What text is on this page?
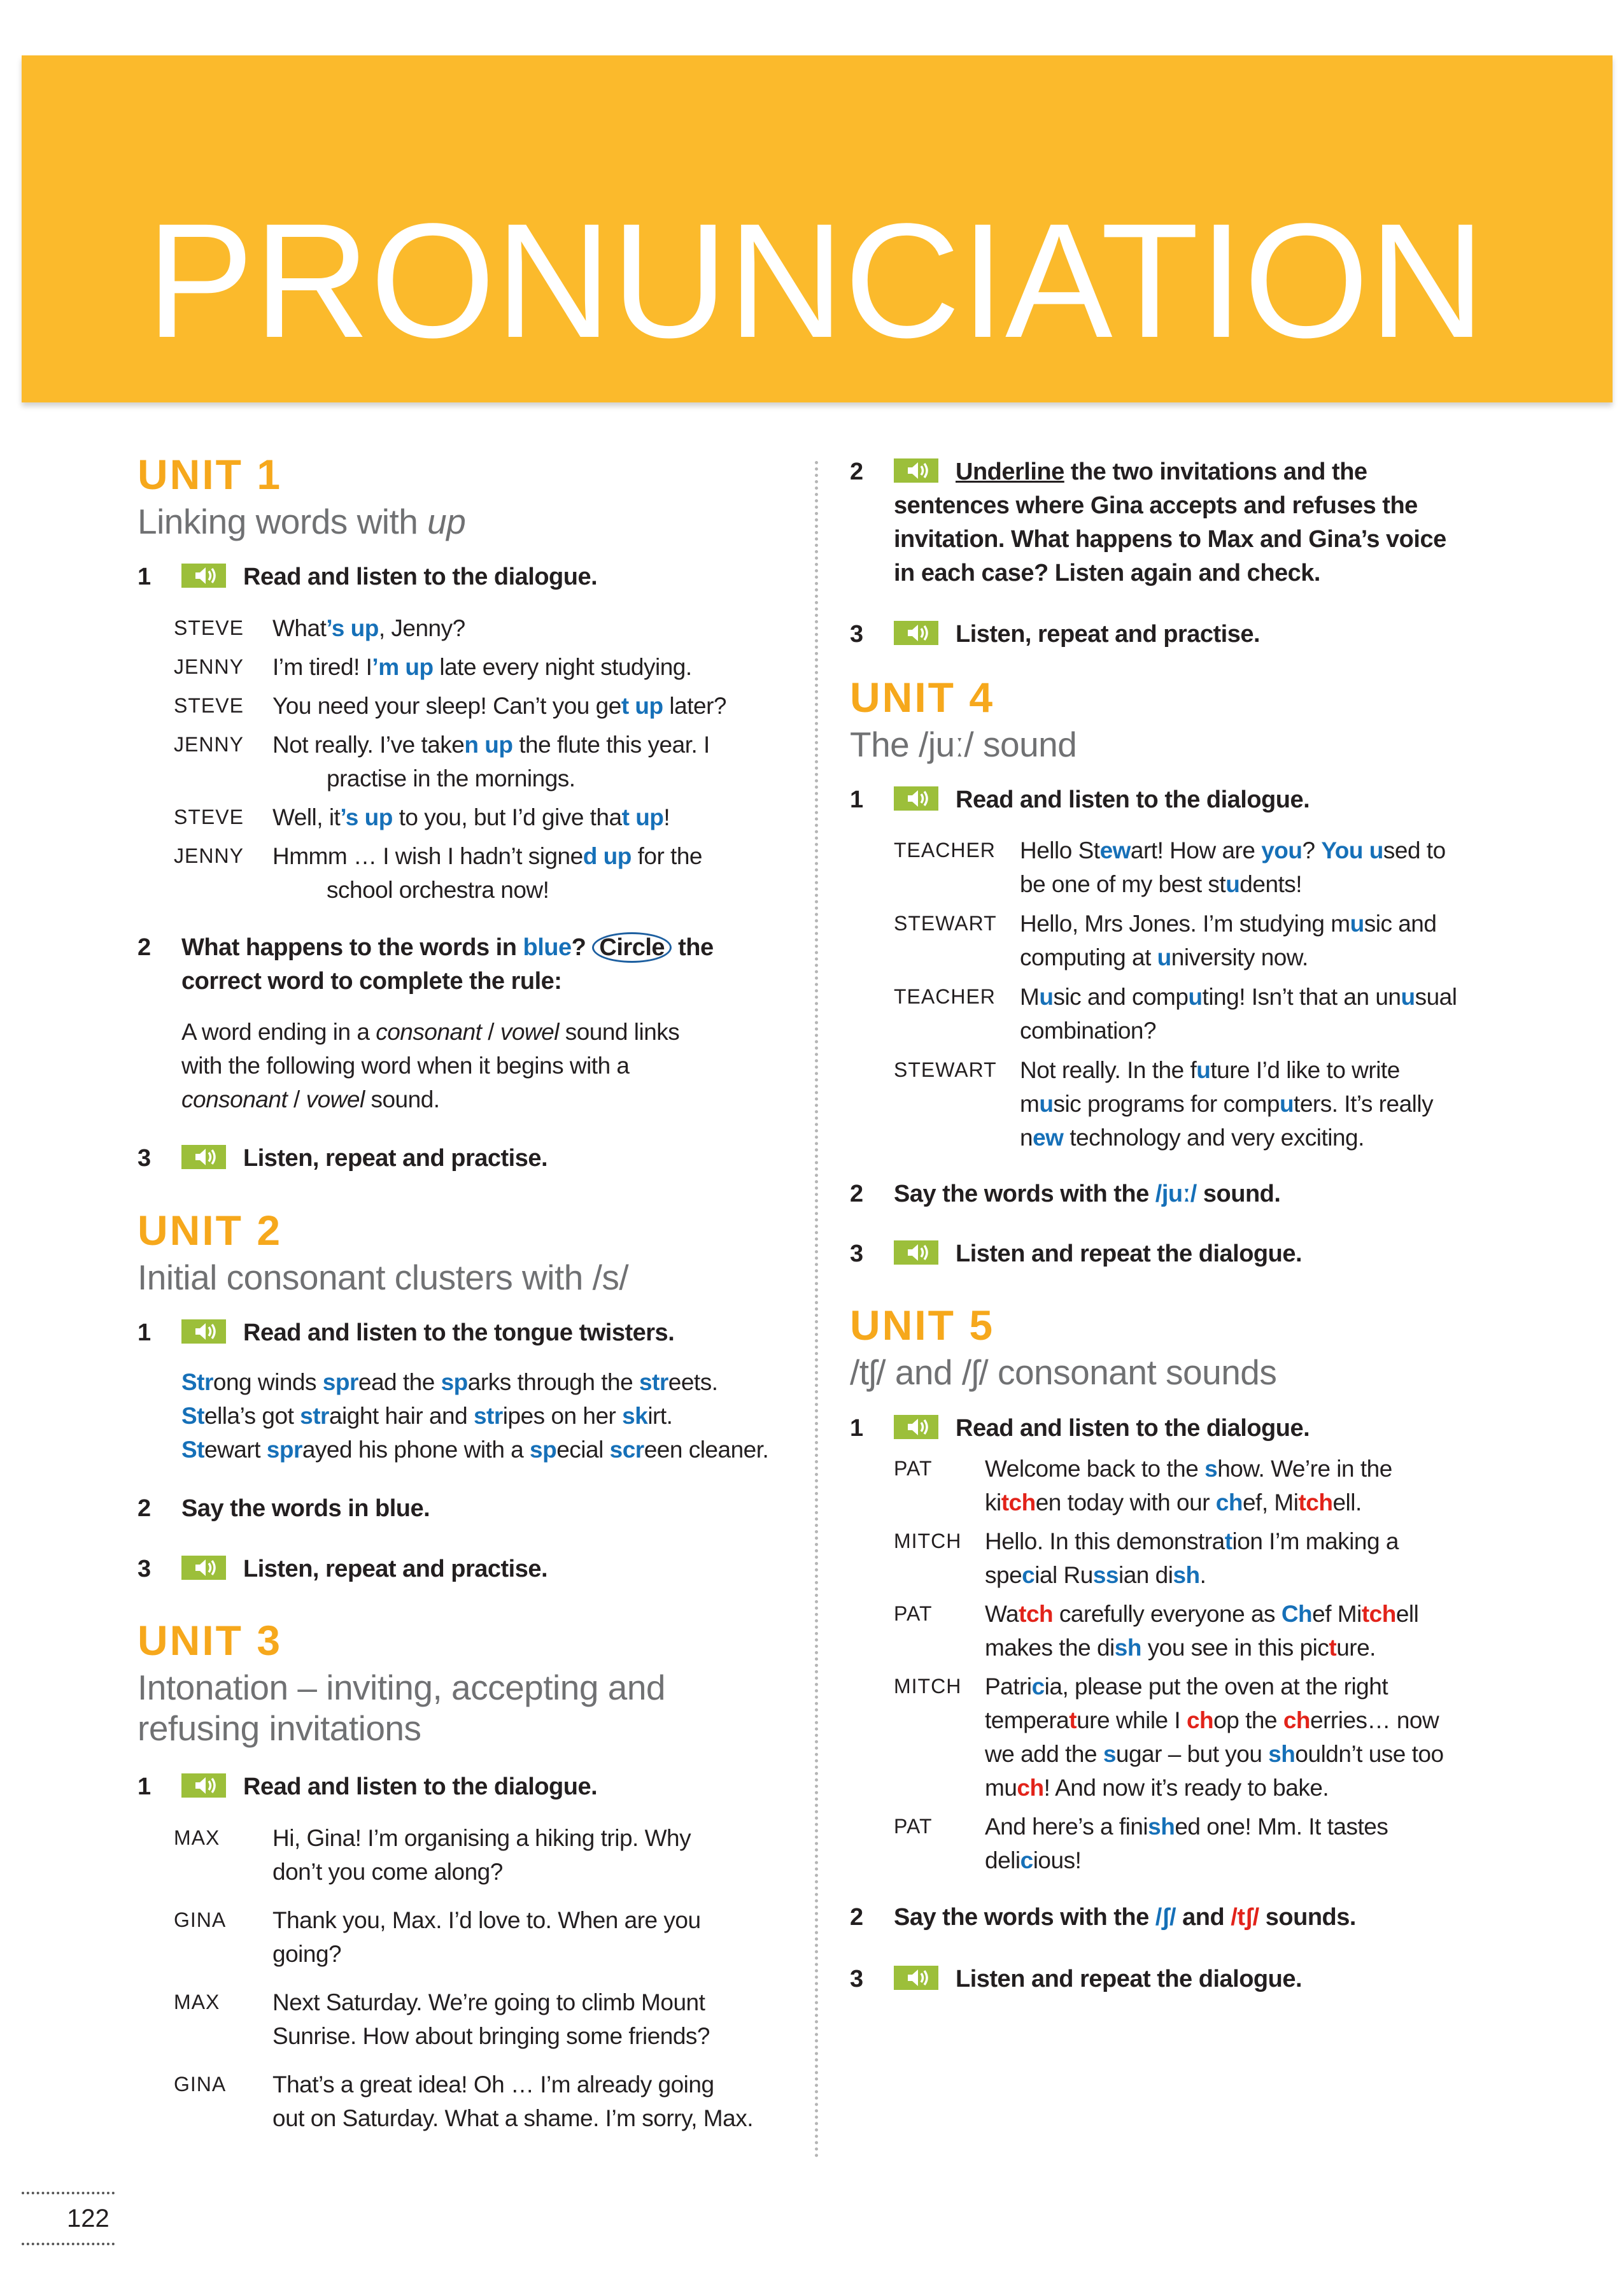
PRONUNCIATION
UNIT 1
Linking words with up
1	Read and listen to the dialogue.
STEVE What’s up, Jenny?
JENNY I’m tired! I’m up late every night studying.
STEVE You need your sleep! Can’t you get up later?
JENNY Not really. I’ve taken up the flute this year. I
practise in the mornings.
STEVE Well, it’s up to you, but I’d give that up!
JENNY Hmmm … I wish I hadn’t signed up for the
school orchestra now!
2 What happens to the words in blue? Circle the
correct word to complete the rule:
A word ending in a consonant / vowel sound links
with the following word when it begins with a
consonant / vowel sound.
3	Listen, repeat and practise.
UNIT 2
Initial consonant clusters with /s/
1	Read and listen to the tongue twisters.
Strong winds spread the sparks through the streets.
Stella’s got straight hair and stripes on her skirt.
Stewart sprayed his phone with a special screen cleaner.
2 Say the words in blue.
3	Listen, repeat and practise.
UNIT 3
Intonation – inviting, accepting and
refusing invitations
1	Read and listen to the dialogue.
MAX Hi, Gina! I’m organising a hiking trip. Why
don’t you come along?
GINA Thank you, Max. I’d love to. When are you
going?
MAX Next Saturday. We’re going to climb Mount
Sunrise. How about bringing some friends?
GINA That’s a great idea! Oh … I’m already going
out on Saturday. What a shame. I’m sorry, Max.
2	Underline the two invitations and the
sentences where Gina accepts and refuses the
invitation. What happens to Max and Gina’s voice
in each case? Listen again and check.
3	Listen, repeat and practise.
UNIT 4
The /juː/ sound
1	Read and listen to the dialogue.
TEACHER Hello Stewart! How are you? You used to
be one of my best students!
STEWART Hello, Mrs Jones. I’m studying music and
computing at university now.
TEACHER Music and computing! Isn’t that an unusual
combination?
STEWART Not really. In the future I’d like to write
music programs for computers. It’s really
new technology and very exciting.
2 Say the words with the /juː/ sound.
3	Listen and repeat the dialogue.
UNIT 5
/tʃ/ and /ʃ/ consonant sounds
1	Read and listen to the dialogue.
PAT Welcome back to the show. We’re in the
kitchen today with our chef, Mitchell.
MITCH Hello. In this demonstration I’m making a
special Russian dish.
PAT Watch carefully everyone as Chef Mitchell
makes the dish you see in this picture.
MITCH Patricia, please put the oven at the right
temperature while I chop the cherries… now
we add the sugar – but you shouldn’t use too
much! And now it’s ready to bake.
PAT And here’s a finished one! Mm. It tastes
delicious!
2 Say the words with the /ʃ/ and /tʃ/ sounds.
3	Listen and repeat the dialogue.
122
